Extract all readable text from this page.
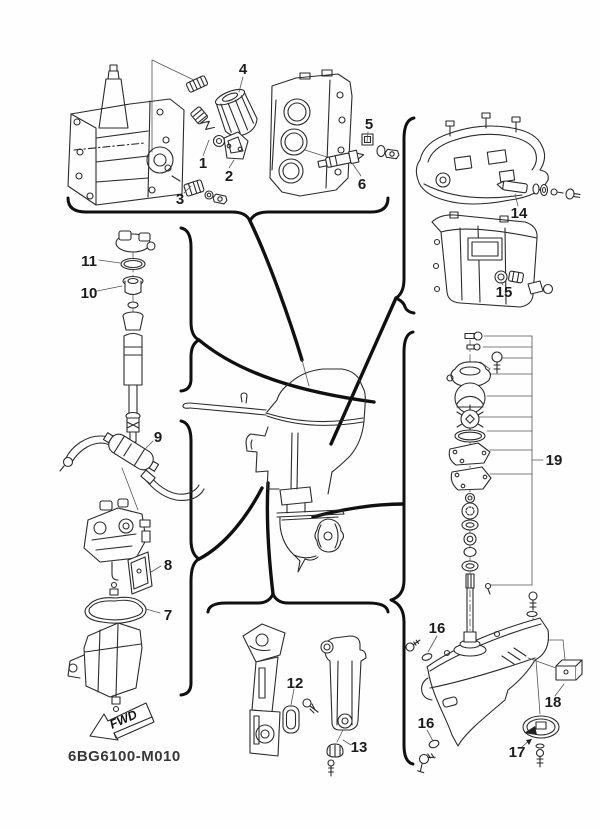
FWD
6BG6100-M010
1
2
3
4
5
6
7
8
9
10
11
12
13
14
15
16
16
17
18
19
